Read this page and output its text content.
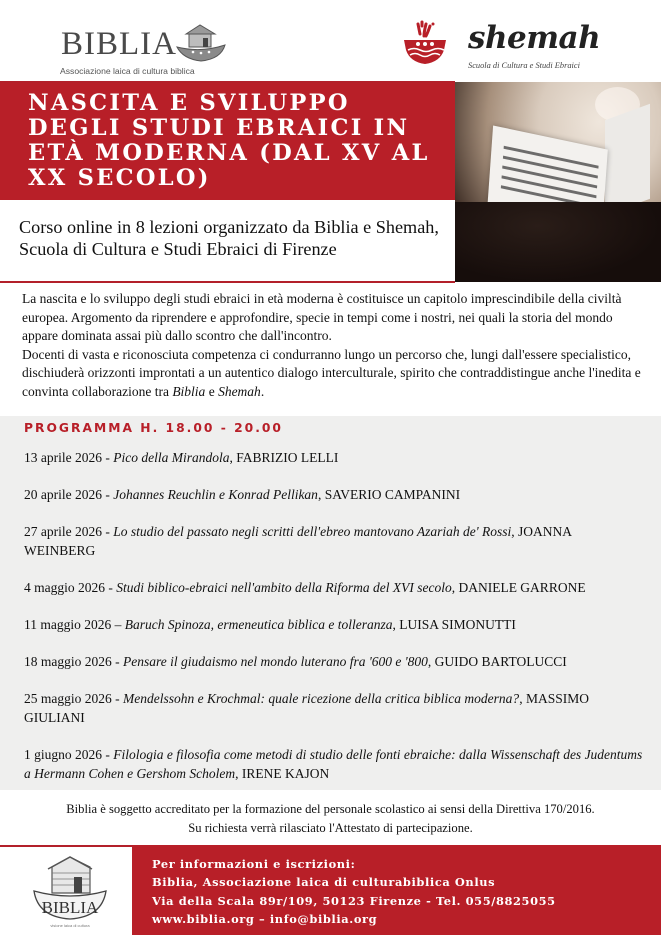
BIBLIA
Associazione laica di cultura biblica
shemah
Scuola di Cultura e Studi Ebraici
NASCITA E SVILUPPO DEGLI STUDI EBRAICI IN ETÀ MODERNA (DAL XV AL XX SECOLO)
Corso online in 8 lezioni organizzato da Biblia e Shemah, Scuola di Cultura e Studi Ebraici di Firenze

La nascita e lo sviluppo degli studi ebraici in età moderna è costituisce un capitolo imprescindibile della civiltà europea. Argomento da riprendere e approfondire, specie in tempi come i nostri, nei quali la storia del mondo appare dominata assai più dallo scontro che dall'incontro.

Docenti di vasta e riconosciuta competenza ci condurranno lungo un percorso che, lungi dall'essere specialistico, dischiuderà orizzonti improntati a un autentico dialogo interculturale, spirito che contraddistingue anche l'inedita e convinta collaborazione tra Biblia e Shemah.

PROGRAMMA H. 18.00 - 20.00
13 aprile 2026 - Pico della Mirandola, FABRIZIO LELLI
20 aprile 2026 - Johannes Reuchlin e Konrad Pellikan, SAVERIO CAMPANINI
27 aprile 2026 - Lo studio del passato negli scritti dell'ebreo mantovano Azariah de' Rossi, JOANNA WEINBERG
4 maggio 2026 - Studi biblico-ebraici nell'ambito della Riforma del XVI secolo, DANIELE GARRONE
11 maggio 2026 – Baruch Spinoza, ermeneutica biblica e tolleranza, LUISA SIMONUTTI
18 maggio 2026 - Pensare il giudaismo nel mondo luterano fra '600 e '800, GUIDO BARTOLUCCI
25 maggio 2026 - Mendelssohn e Krochmal: quale ricezione della critica biblica moderna?, MASSIMO GIULIANI
1 giugno 2026 - Filologia e filosofia come metodi di studio delle fonti ebraiche: dalla Wissenschaft des Judentums a Hermann Cohen e Gershom Scholem, IRENE KAJON
Biblia è soggetto accreditato per la formazione del personale scolastico ai sensi della Direttiva 170/2016.
Su richiesta verrà rilasciato l'Attestato di partecipazione.
BIBLIA
visione laica di cultura
Per informazioni e iscrizioni:
Biblia, Associazione laica di culturabiblica Onlus
Via della Scala 89r/109, 50123 Firenze - Tel. 055/8825055
www.biblia.org – info@biblia.org
